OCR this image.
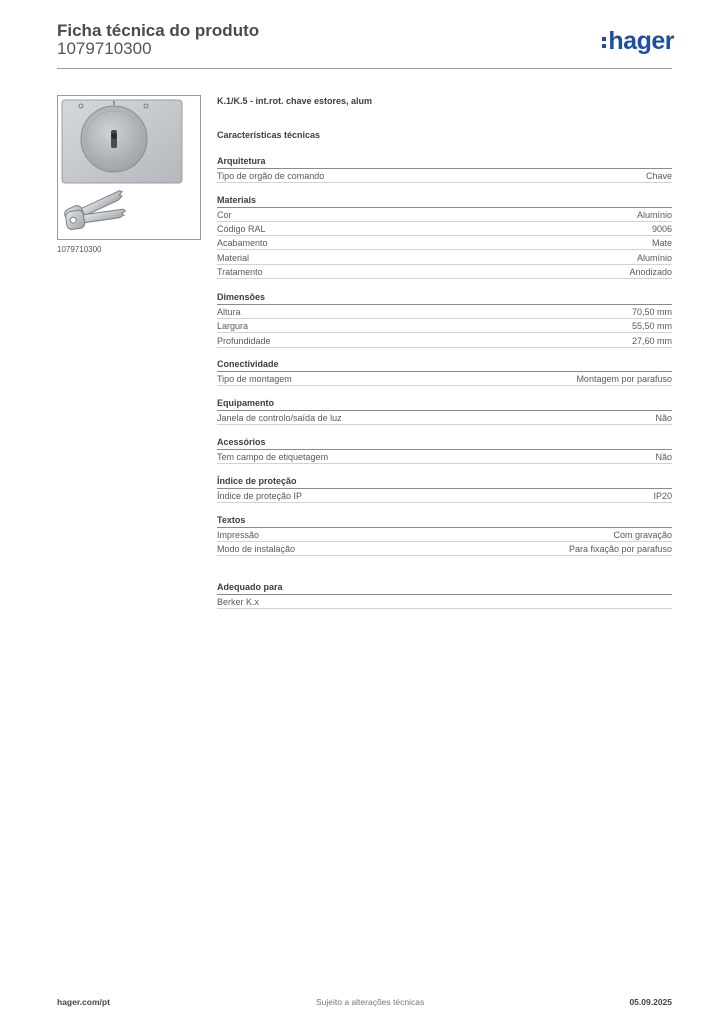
Ficha técnica do produto
1079710300	hager
1079710300
K.1/K.5 - int.rot. chave estores, alum
Características técnicas
Arquitetura
Tipo de orgão de comando	Chave
Materiais
Cor	Alumínio
Código RAL	9006
Acabamento	Mate
Material	Alumínio
Tratamento	Anodizado
Dimensões
Altura	70,50 mm
Largura	55,50 mm
Profundidade	27,60 mm
Conectividade
Tipo de montagem	Montagem por parafuso
Equipamento
Janela de controlo/saída de luz	Não
Acessórios
Tem campo de etiquetagem	Não
Índice de proteção
Índice de proteção IP	IP20
Textos
Impressão	Com gravação
Modo de instalação	Para fixação por parafuso
Adequado para
Berker K.x
hager.com/pt	Sujeito a alterações técnicas	05.09.2025
